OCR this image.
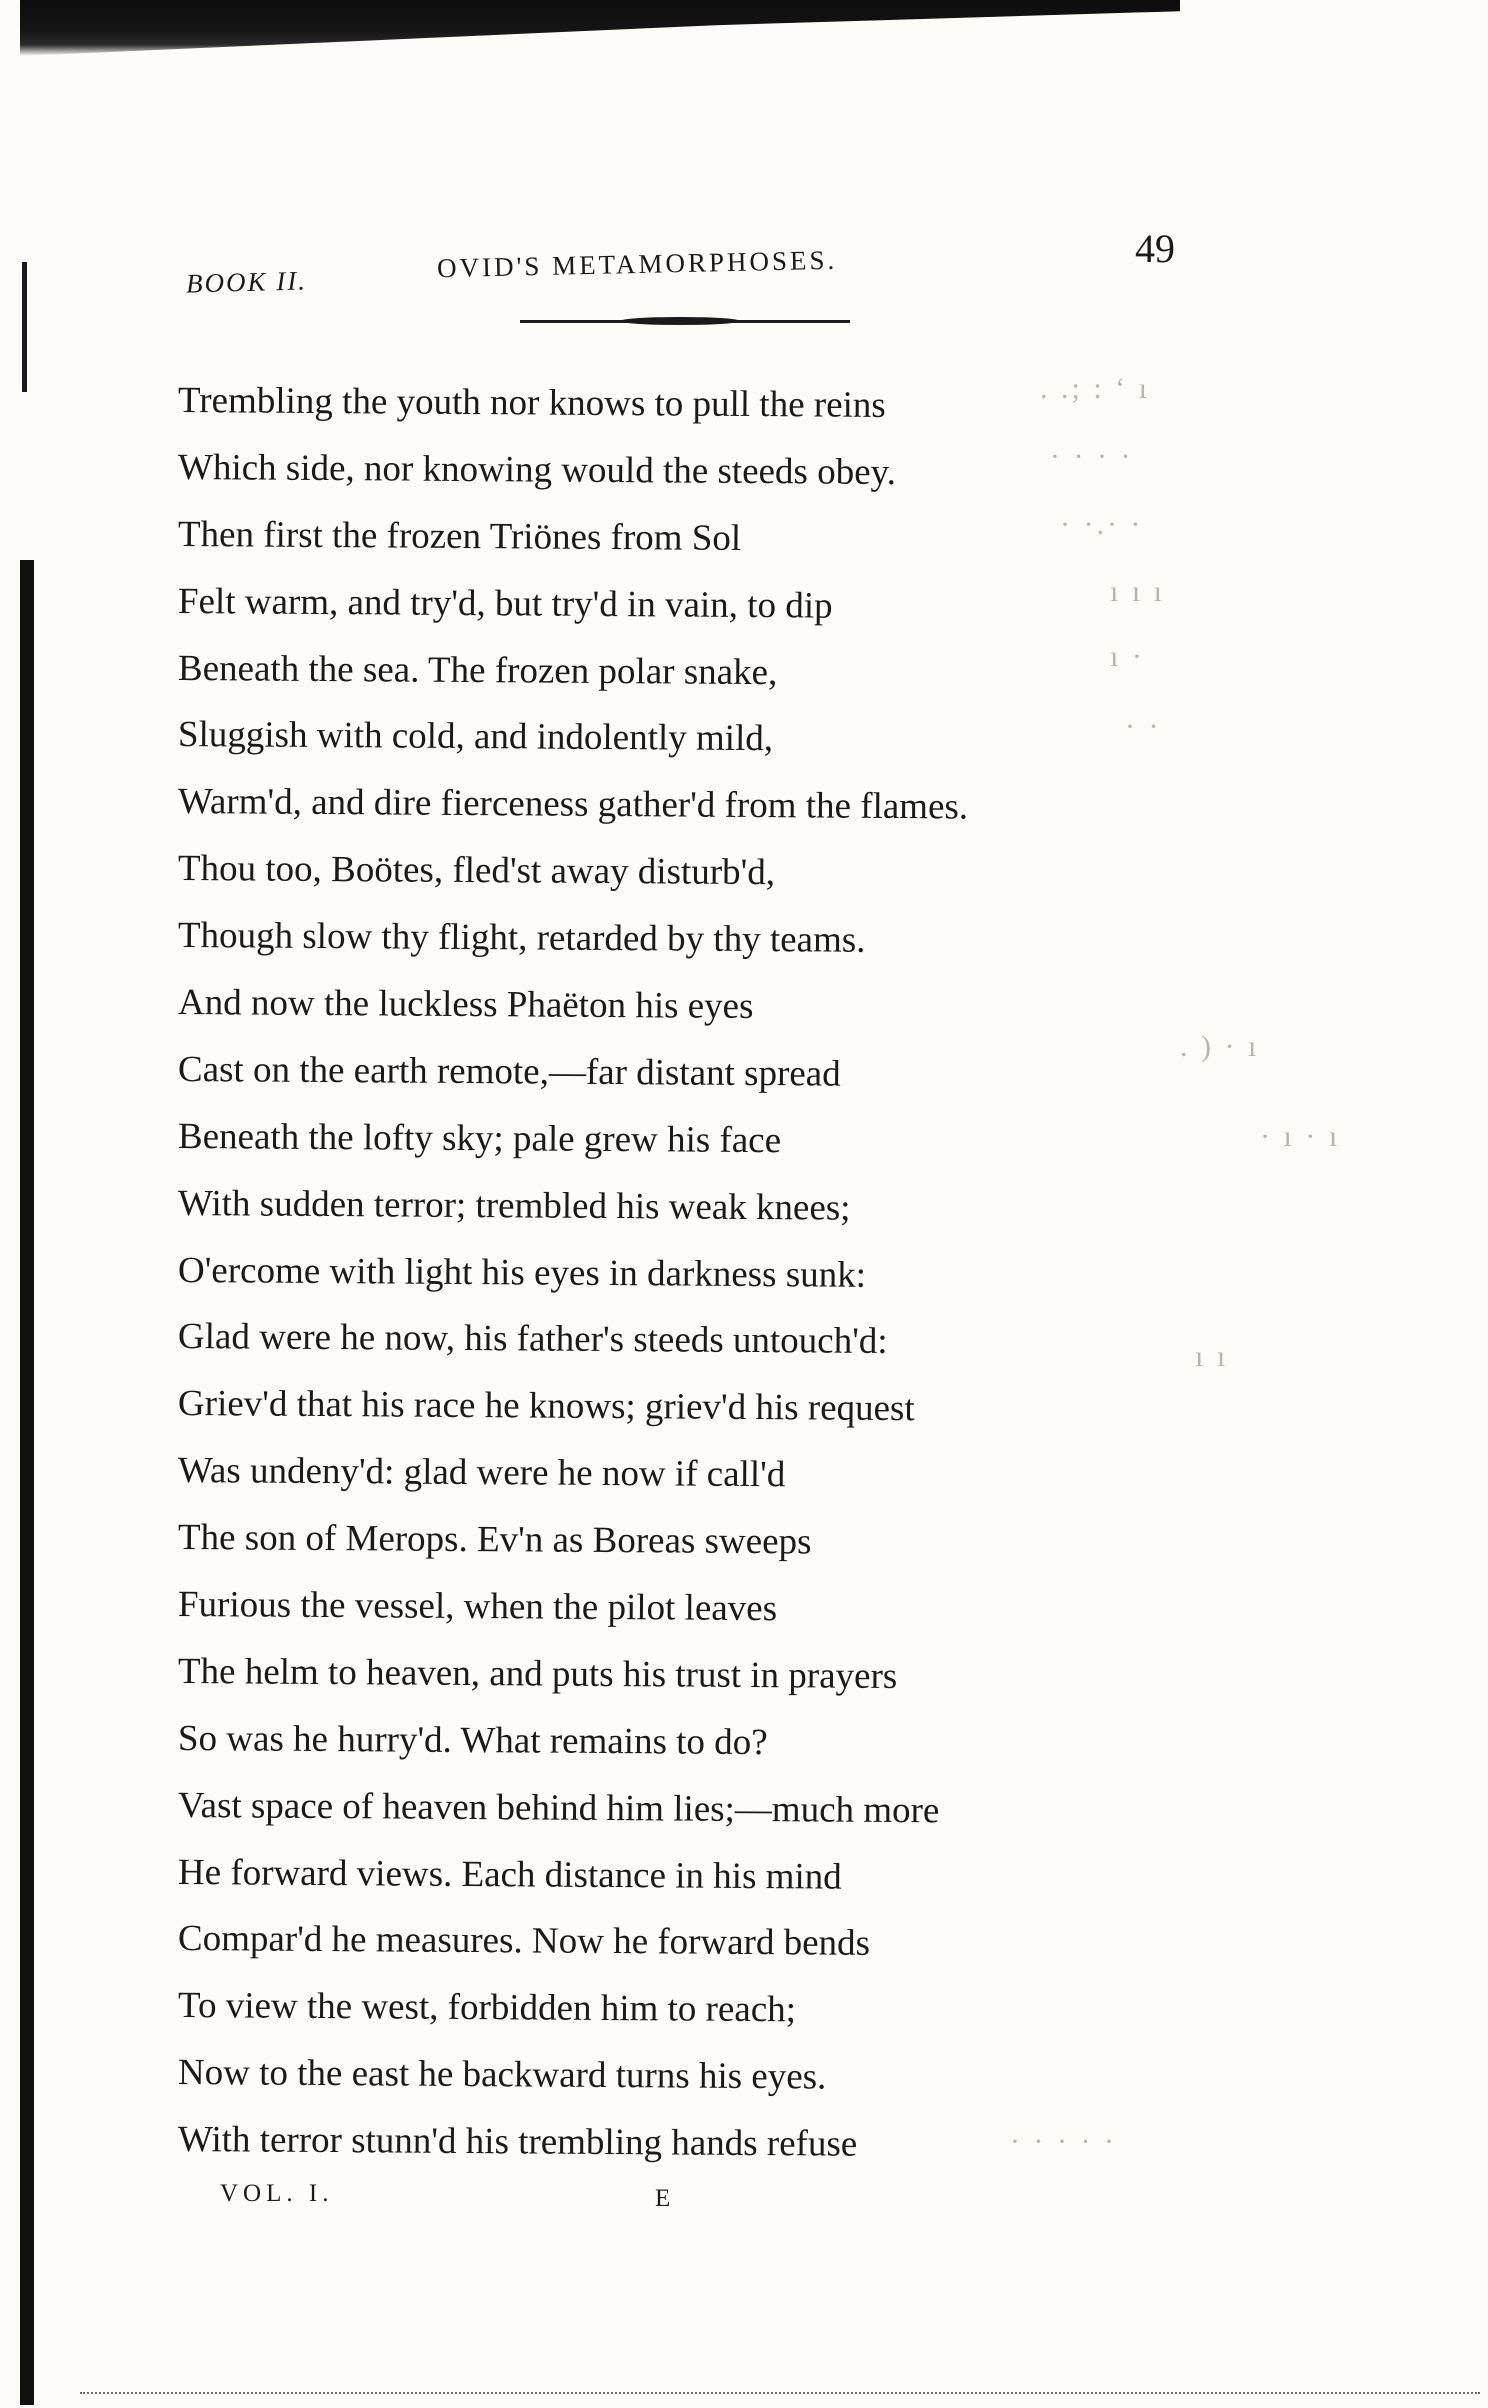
BOOK II.	OVID'S METAMORPHOSES.	49
Trembling the youth nor knows to pull the reins
Which side, nor knowing would the steeds obey.
Then first the frozen Triönes from Sol
Felt warm, and try'd, but try'd in vain, to dip
Beneath the sea. The frozen polar snake,
Sluggish with cold, and indolently mild,
Warm'd, and dire fierceness gather'd from the flames.
Thou too, Boötes, fled'st away disturb'd,
Though slow thy flight, retarded by thy teams.
And now the luckless Phaëton his eyes
Cast on the earth remote,—far distant spread
Beneath the lofty sky; pale grew his face
With sudden terror; trembled his weak knees;
O'ercome with light his eyes in darkness sunk:
Glad were he now, his father's steeds untouch'd:
Griev'd that his race he knows; griev'd his request
Was undeny'd: glad were he now if call'd
The son of Merops. Ev'n as Boreas sweeps
Furious the vessel, when the pilot leaves
The helm to heaven, and puts his trust in prayers
So was he hurry'd. What remains to do?
Vast space of heaven behind him lies;—much more
He forward views. Each distance in his mind
Compar'd he measures. Now he forward bends
To view the west, forbidden him to reach;
Now to the east he backward turns his eyes.
With terror stunn'd his trembling hands refuse
VOL. I.	E
. .; : ‘ ı
· · · ·
· ·.· ·
ı ı ı
ı ·
· ·
. ) · ı
· ı · ı
ı ı
· · · · ·
